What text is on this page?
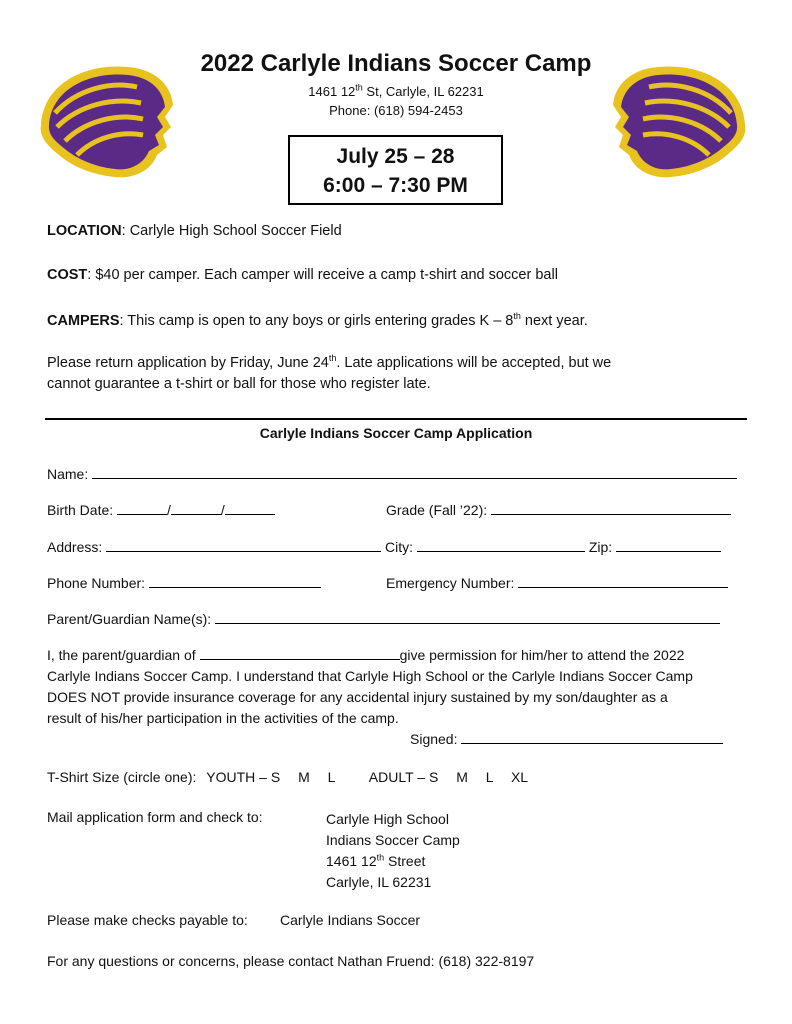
2022 Carlyle Indians Soccer Camp
1461 12th St, Carlyle, IL 62231
Phone: (618) 594-2453
July 25 – 28
6:00 – 7:30 PM
LOCATION: Carlyle High School Soccer Field
COST: $40 per camper. Each camper will receive a camp t-shirt and soccer ball
CAMPERS: This camp is open to any boys or girls entering grades K – 8th next year.
Please return application by Friday, June 24th. Late applications will be accepted, but we
cannot guarantee a t-shirt or ball for those who register late.
Carlyle Indians Soccer Camp Application
Name:
Birth Date:	/	/	Grade (Fall ’22):
Address:	City:	Zip:
Phone Number:	Emergency Number:
Parent/Guardian Name(s):
I, the parent/guardian of	give permission for him/her to attend the 2022
Carlyle Indians Soccer Camp. I understand that Carlyle High School or the Carlyle Indians Soccer Camp
DOES NOT provide insurance coverage for any accidental injury sustained by my son/daughter as a
result of his/her participation in the activities of the camp.
Signed:
T-Shirt Size (circle one): YOUTH – S M L ADULT – S M L XL
Mail application form and check to:	Carlyle High School
Indians Soccer Camp
1461 12th Street
Carlyle, IL 62231
Please make checks payable to: Carlyle Indians Soccer
For any questions or concerns, please contact Nathan Fruend: (618) 322-8197
